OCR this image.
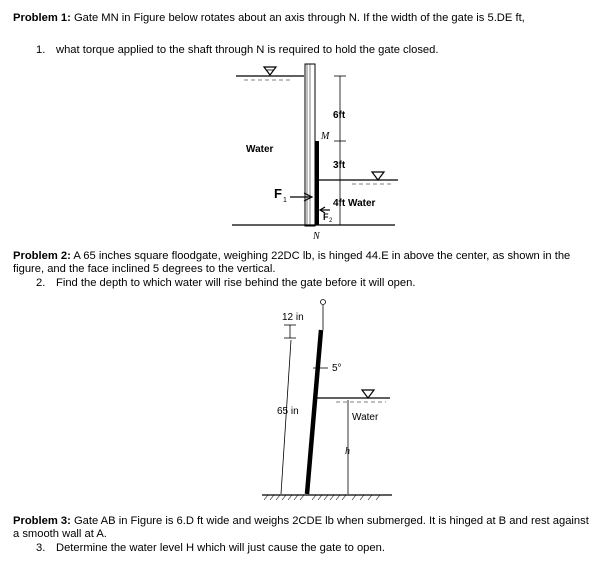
Problem 1: Gate MN in Figure below rotates about an axis through N. If the width of the gate is 5.DE ft,
1. what torque applied to the shaft through N is required to hold the gate closed.
Problem 2: A 65 inches square floodgate, weighing 22DC lb, is hinged 44.E in above the center, as shown in the figure, and the face inclined 5 degrees to the vertical.
2. Find the depth to which water will rise behind the gate before it will open.
Problem 3: Gate AB in Figure is 6.D ft wide and weighs 2CDE lb when submerged. It is hinged at B and rest against a smooth wall at A.
3. Determine the water level H which will just cause the gate to open.
6ft
M
3ft
4ft Water
Water
F 1
F 2
N
12 in
65 in
5°
Water
h
